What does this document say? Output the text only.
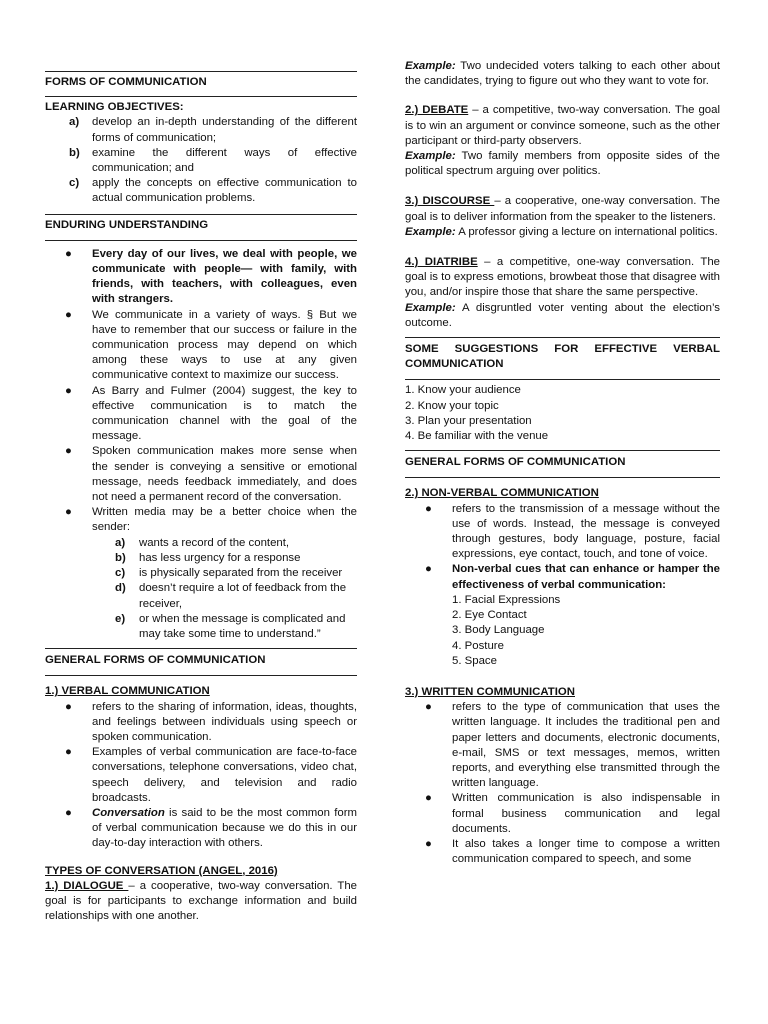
FORMS OF COMMUNICATION
LEARNING OBJECTIVES:
a) develop an in-depth understanding of the different forms of communication;
b) examine the different ways of effective communication; and
c) apply the concepts on effective communication to actual communication problems.
ENDURING UNDERSTANDING
● Every day of our lives, we deal with people, we communicate with people— with family, with friends, with teachers, with colleagues, even with strangers.
● We communicate in a variety of ways. § But we have to remember that our success or failure in the communication process may depend on which among these ways to use at any given communicative context to maximize our success.
● As Barry and Fulmer (2004) suggest, the key to effective communication is to match the communication channel with the goal of the message.
● Spoken communication makes more sense when the sender is conveying a sensitive or emotional message, needs feedback immediately, and does not need a permanent record of the conversation.
● Written media may be a better choice when the sender:
a) wants a record of the content,
b) has less urgency for a response
c) is physically separated from the receiver
d) doesn’t require a lot of feedback from the receiver,
e) or when the message is complicated and may take some time to understand.”
GENERAL FORMS OF COMMUNICATION
1.) VERBAL COMMUNICATION
● refers to the sharing of information, ideas, thoughts, and feelings between individuals using speech or spoken communication.
● Examples of verbal communication are face-to-face conversations, telephone conversations, video chat, speech delivery, and television and radio broadcasts.
● Conversation is said to be the most common form of verbal communication because we do this in our day-to-day interaction with others.
TYPES OF CONVERSATION (ANGEL, 2016)
1.) DIALOGUE – a cooperative, two-way conversation. The goal is for participants to exchange information and build relationships with one another.
Example: Two undecided voters talking to each other about the candidates, trying to figure out who they want to vote for.
2.) DEBATE – a competitive, two-way conversation. The goal is to win an argument or convince someone, such as the other participant or third-party observers.
Example: Two family members from opposite sides of the political spectrum arguing over politics.
3.) DISCOURSE – a cooperative, one-way conversation. The goal is to deliver information from the speaker to the listeners.
Example: A professor giving a lecture on international politics.
4.) DIATRIBE – a competitive, one-way conversation. The goal is to express emotions, browbeat those that disagree with you, and/or inspire those that share the same perspective.
Example: A disgruntled voter venting about the election’s outcome.
SOME SUGGESTIONS FOR EFFECTIVE VERBAL COMMUNICATION
1. Know your audience
2. Know your topic
3. Plan your presentation
4. Be familiar with the venue
GENERAL FORMS OF COMMUNICATION
2.) NON-VERBAL COMMUNICATION
● refers to the transmission of a message without the use of words. Instead, the message is conveyed through gestures, body language, posture, facial expressions, eye contact, touch, and tone of voice.
● Non-verbal cues that can enhance or hamper the effectiveness of verbal communication:
1. Facial Expressions
2. Eye Contact
3. Body Language
4. Posture
5. Space
3.) WRITTEN COMMUNICATION
● refers to the type of communication that uses the written language. It includes the traditional pen and paper letters and documents, electronic documents, e-mail, SMS or text messages, memos, written reports, and everything else transmitted through the written language.
● Written communication is also indispensable in formal business communication and legal documents.
● It also takes a longer time to compose a written communication compared to speech, and some
